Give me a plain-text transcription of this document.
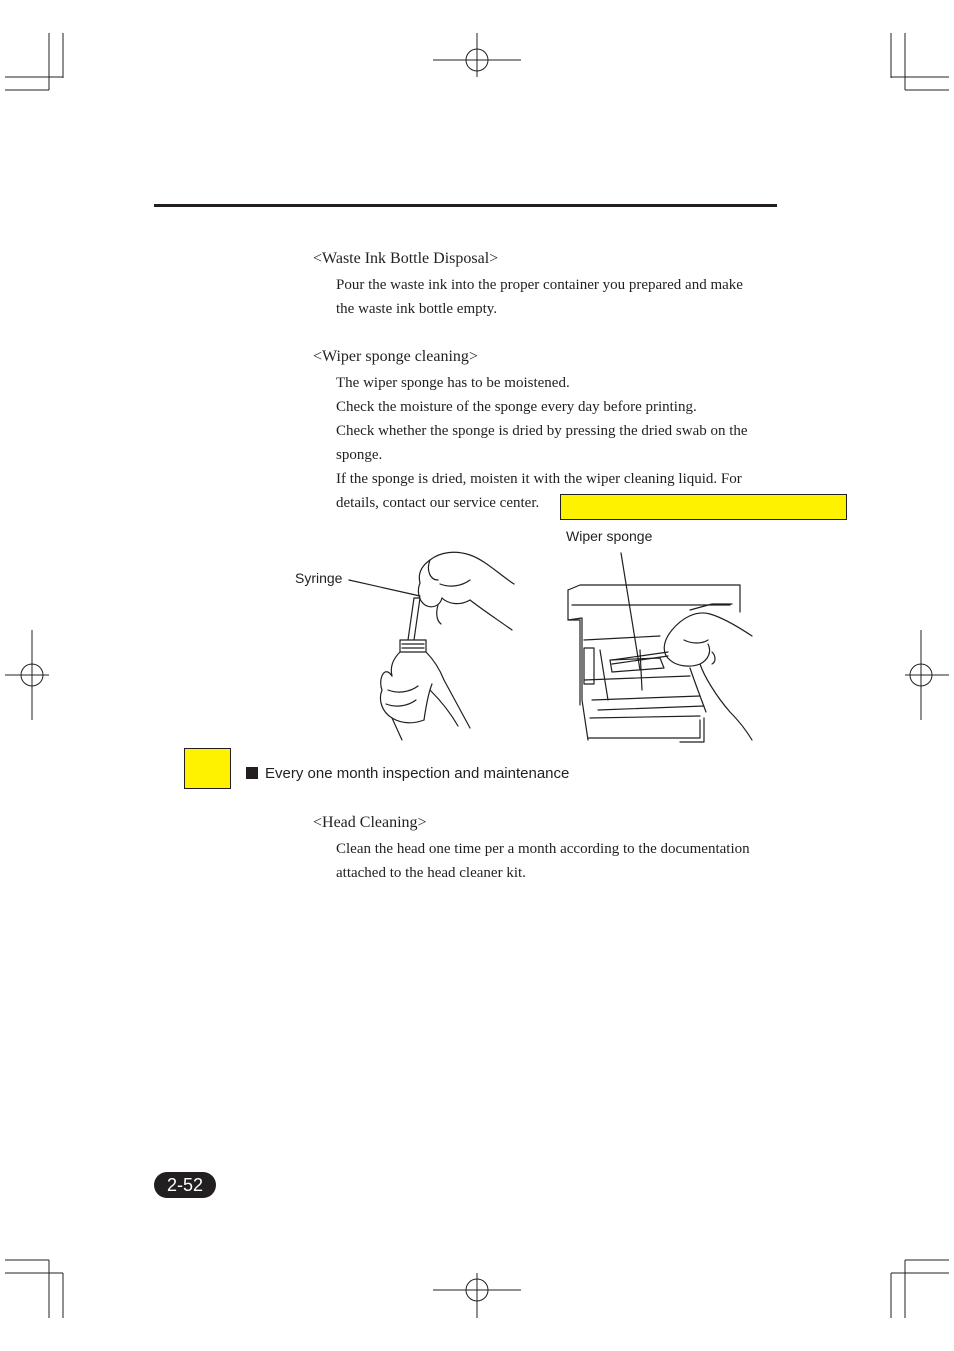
<Waste Ink Bottle Disposal>
Pour the waste ink into the proper container you prepared and make
the waste ink bottle empty.
<Wiper sponge cleaning>
The wiper sponge has to be moistened.
Check the moisture of the sponge every day before printing.
Check whether the sponge is dried by pressing the dried swab on the
sponge.
If the sponge is dried, moisten it with the wiper cleaning liquid. For
details, contact our service center.
Wiper sponge
Syringe
Every one month inspection and maintenance
<Head Cleaning>
Clean the head one time per a month according to the documentation
attached to the head cleaner kit.
2-52
